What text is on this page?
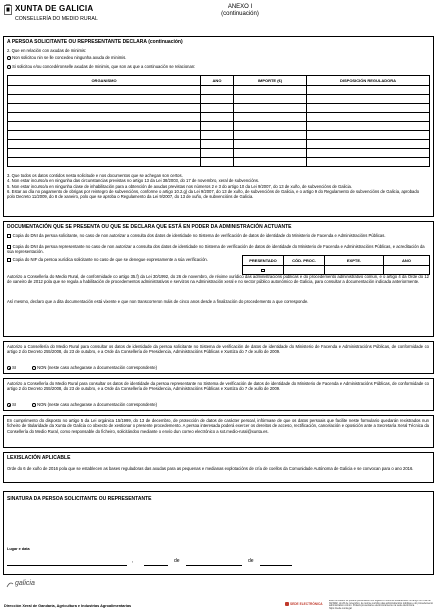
XUNTA DE GALICIA
CONSELLERÍA DO MEDIO RURAL
ANEXO I
(continuación)
A PERSOA SOLICITANTE OU REPRESENTANTE DECLARA (continuación)
2. Que en relación con axudas de minimis:
Non solicitou nin se lle concedeu ningunha axuda de minimis.
Si solicitou e/ou concedéronselle axudas de minimis, que son as que a continuación se relacionan:
ORGANISMO	ANO	IMPORTE (€)	DISPOSICIÓN REGULADORA

3. Que todos os datos contidos nesta solicitude e nos documentos que se achegan son certos.
4. Non estar incurso/a en ningunha das circunstancias previstas no artigo 13 da Lei 38/2003, do 17 de novembro, xeral de subvencións.
5. Non estar incurso/a en ningunha clase de inhabilitación para a obtención de axudas previstas nos números 2 e 3 do artigo 10 da Lei 9/2007, do 13 de xuño, de subvencións de Galicia.
6. Estar ao día no pagamento de obrigas por reintegro de subvencións, conforme o artigo 10.2.g) da Lei 9/2007, do 13 de xuño, de subvencións de Galicia, e o artigo 9 do Regulamento de subvencións de Galicia, aprobado polo Decreto 11/2009, do 8 de xaneiro, polo que se aproba o Regulamento da Lei 9/2007, do 13 de xuño, de subvencións de Galicia.
DOCUMENTACIÓN QUE SE PRESENTA OU QUE SE DECLARA QUE ESTÁ EN PODER DA ADMINISTRACIÓN ACTUANTE
Copia do DNI da persoa solicitante, no caso de non autorizar a consulta dos datos de identidade no Sistema de verificación de datos de identidade do Ministerio de Facenda e Administracións Públicas.
Copia do DNI da persoa representante no caso de non autorizar a consulta dos datos de identidade no Sistema de verificación de datos de identidade do Ministerio de Facenda e Administracións Públicas, e acreditación da súa representación.
PRESENTADO	CÓD. PROC.	EXPTE.	ANO

Copia do NIF da persoa xurídica solicitante no caso de que se denegue expresamente a súa verificación.
Autorizo a Consellería do Medio Rural, de conformidade co artigo 35.f) da Lei 30/1992, do 26 de novembro, de réxime xurídico das administracións públicas e do procedemento administrativo común, e o artigo 4 da Orde do 12 de xaneiro de 2012 pola que se regula a habilitación de procedementos administrativos e servizos na Administración xeral e no sector público autonómico de Galicia, para consultar a documentación indicada anteriormente.
Así mesmo, declaro que a dita documentación está vixente e que non transcorreron máis de cinco anos desde a finalización do procedemento a que corresponde.
Autorizo a Consellería do Medio Rural para consultar os datos de identidade da persoa solicitante no Sistema de verificación de datos de identidade do Ministerio de Facenda e Administracións Públicas, de conformidade co artigo 2 do Decreto 255/2008, do 23 de outubro, e a Orde da Consellería de Presidencia, Administracións Públicas e Xustiza do 7 de xullo de 2009.
SI	NON (neste caso achegarase a documentación correspondente)
Autorizo a Consellería do Medio Rural para consultar os datos de identidade da persoa representante no Sistema de verificación de datos de identidade do Ministerio de Facenda e Administracións Públicas, de conformidade co artigo 2 do Decreto 255/2008, do 23 de outubro, e a Orde da Consellería de Presidencia, Administracións Públicas e Xustiza do 7 de xullo de 2009.
SI	NON (neste caso achegarase a documentación correspondente)
En cumprimento do disposto no artigo 5 da Lei orgánica 15/1999, do 13 de decembro, de protección de datos de carácter persoal, infórmase de que os datos persoais que facilite neste formulario quedarán rexistrados nun ficheiro de titularidade da Xunta de Galicia co obxecto de xestionar o presente procedemento. A persoa interesada poderá exercer os dereitos de acceso, rectificación, cancelación e oposición ante a Secretaría Xeral Técnica da Consellería do Medio Rural, como responsable do ficheiro, solicitándoo mediante o envío dun correo electrónico a sxt.medio-rural@xunta.es.
LEXISLACIÓN APLICABLE
Orde do 6 de xuño de 2016 pola que se establecen as bases reguladoras das axudas para as pequenas e medianas explotacións de cría de coellos da Comunidade Autónoma de Galicia e se convocan para o ano 2016.
SINATURA DA PERSOA SOLICITANTE OU REPRESENTANTE
Lugar e data
,	de	de
galicia
Dirección Xeral de Gandaría, Agricultura e Industrias Agroalimentarias	SEDE ELECTRÓNICA
Este formulario só poderá presentarse nos lugares e rexistros establecidos no artigo 38.4 da Lei 30/1992, do 26 de novembro, de réxime xurídico das administracións públicas e do procedemento administrativo común. Poderá presentarse electronicamente na sede electrónica https://sede.xunta.gal
